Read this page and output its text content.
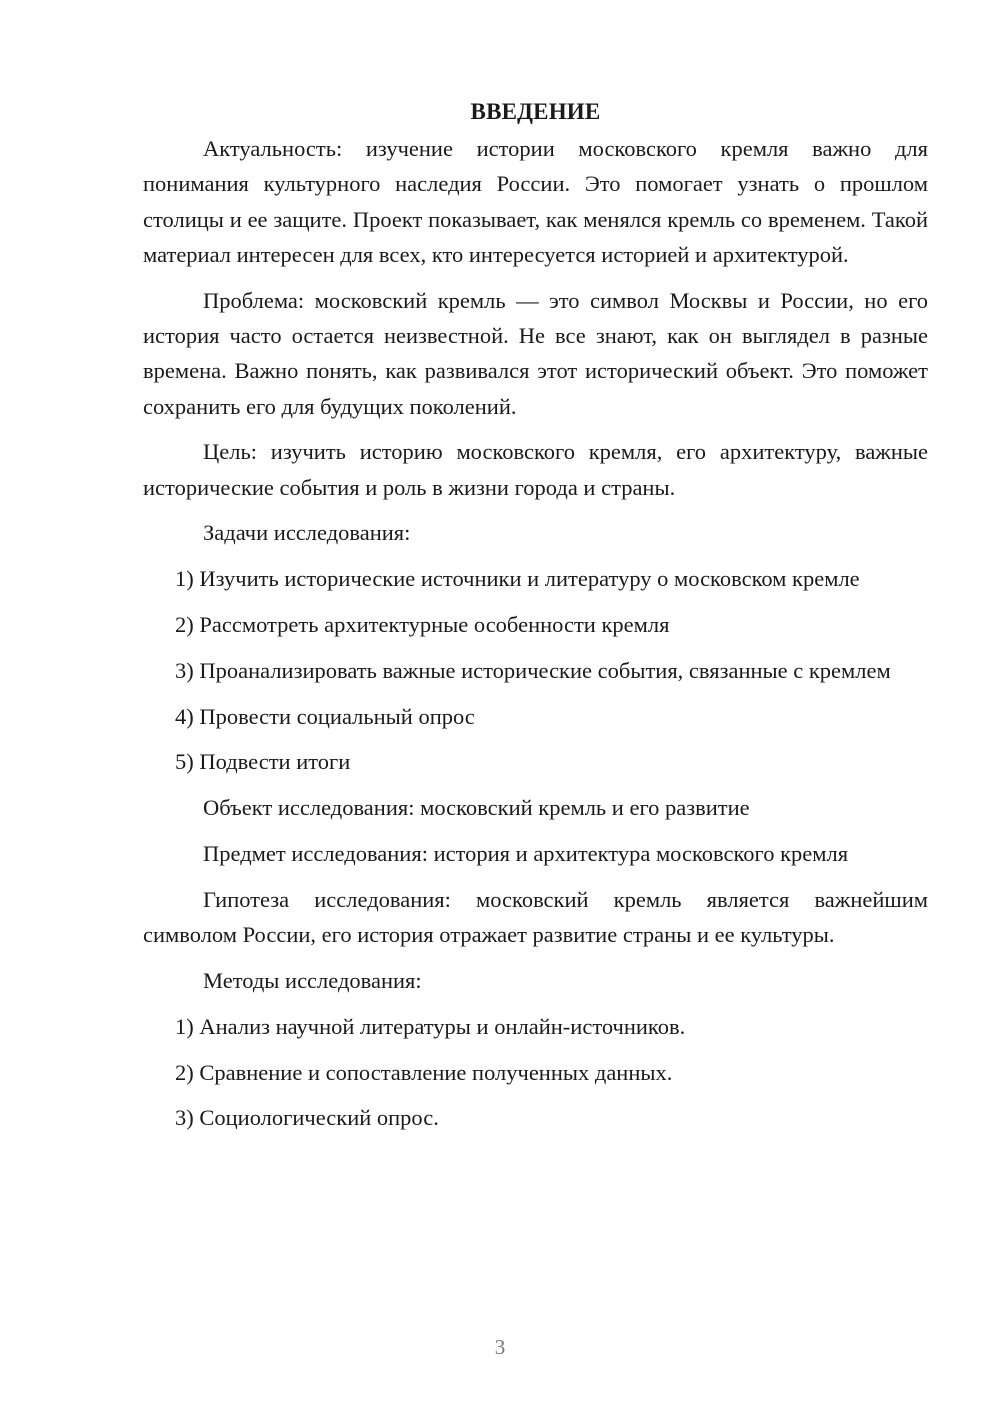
ВВЕДЕНИЕ

Актуальность: изучение истории московского кремля важно для понимания культурного наследия России. Это помогает узнать о прошлом столицы и ее защите. Проект показывает, как менялся кремль со временем. Такой материал интересен для всех, кто интересуется историей и архитектурой.

Проблема: московский кремль — это символ Москвы и России, но его история часто остается неизвестной. Не все знают, как он выглядел в разные времена. Важно понять, как развивался этот исторический объект. Это поможет сохранить его для будущих поколений.

Цель: изучить историю московского кремля, его архитектуру, важные исторические события и роль в жизни города и страны.

Задачи исследования:

1) Изучить исторические источники и литературу о московском кремле

2) Рассмотреть архитектурные особенности кремля

3) Проанализировать важные исторические события, связанные с кремлем

4) Провести социальный опрос

5) Подвести итоги

Объект исследования: московский кремль и его развитие

Предмет исследования: история и архитектура московского кремля

Гипотеза исследования: московский кремль является важнейшим символом России, его история отражает развитие страны и ее культуры.

Методы исследования:

1) Анализ научной литературы и онлайн-источников.

2) Сравнение и сопоставление полученных данных.

3) Социологический опрос.

3
